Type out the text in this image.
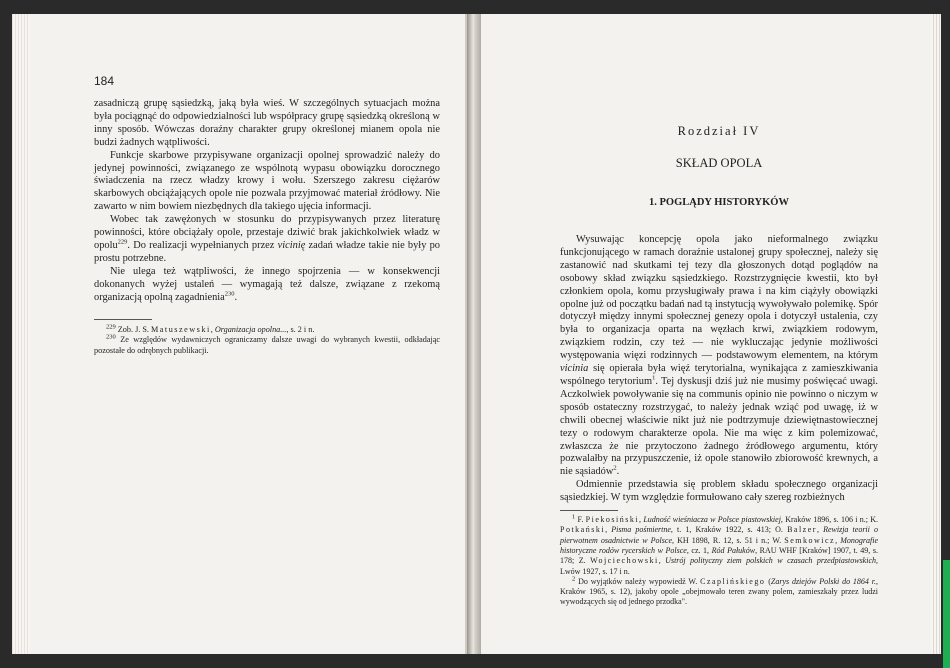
184

zasadniczą grupę sąsiedzką, jaką była wieś. W szczególnych sytuacjach można była pociągnąć do odpowiedzialności lub współpracy grupę sąsiedzką określoną w inny sposób. Wówczas doraźny charakter grupy określonej mianem opola nie budzi żadnych wątpliwości.

Funkcje skarbowe przypisywane organizacji opolnej sprowadzić należy do jedynej powinności, związanego ze wspólnotą wypasu obowiązku dorocznego świadczenia na rzecz władzy krowy i wołu. Szerszego zakresu ciężarów skarbowych obciążających opole nie pozwala przyjmować materiał źródłowy. Nie zawarto w nim bowiem niezbędnych dla takiego ujęcia informacji.

Wobec tak zawężonych w stosunku do przypisywanych przez literaturę powinności, które obciążały opole, przestaje dziwić brak jakichkolwiek władz w opolu$^{229}$. Do realizacji wypełnianych przez vicinię zadań władze takie nie były po prostu potrzebne.

Nie ulega też wątpliwości, że innego spojrzenia — w konsekwencji dokonanych wyżej ustaleń — wymagają też dalsze, związane z rzekomą organizacją opolną zagadnienia$^{230}$.

$^{229}$ Zob. J. S. Matuszewski, Organizacja opolna..., s. 2 i n.

$^{230}$ Ze względów wydawniczych ograniczamy dalsze uwagi do wybranych kwestii, odkładając pozostałe do odrębnych publikacji.

Rozdział IV

SKŁAD OPOLA

1. POGLĄDY HISTORYKÓW

Wysuwając koncepcję opola jako nieformalnego związku funkcjonującego w ramach doraźnie ustalonej grupy społecznej, należy się zastanowić nad skutkami tej tezy dla głoszonych dotąd poglądów na osobowy skład związku sąsiedzkiego. Rozstrzygnięcie kwestii, kto był członkiem opola, komu przysługiwały prawa i na kim ciążyły obowiązki opolne już od początku badań nad tą instytucją wywoływało polemikę. Spór dotyczył między innymi społecznej genezy opola i dotyczył ustalenia, czy była to organizacja oparta na węzłach krwi, związkiem rodowym, związkiem rodzin, czy też — nie wykluczając jedynie możliwości występowania więzi rodzinnych — podstawowym elementem, na którym vicinia się opierała była więź terytorialna, wynikająca z zamieszkiwania wspólnego terytorium$^1$. Tej dyskusji dziś już nie musimy poświęcać uwagi. Aczkolwiek powoływanie się na communis opinio nie powinno o niczym w sposób ostateczny rozstrzygać, to należy jednak wziąć pod uwagę, iż w chwili obecnej właściwie nikt już nie podtrzymuje dziewiętnastowiecznej tezy o rodowym charakterze opola. Nie ma więc z kim polemizować, zwłaszcza że nie przytoczono żadnego źródłowego argumentu, który pozwalałby na przypuszczenie, iż opole stanowiło zbiorowość krewnych, a nie sąsiadów$^2$.

Odmiennie przedstawia się problem składu społecznego organizacji sąsiedzkiej. W tym względzie formułowano cały szereg rozbieżnych

$^1$ F. Piekosiński, Ludność wieśniacza w Polsce piastowskiej, Kraków 1896, s. 106 i n.; K. Potkański, Pisma pośmiertne, t. 1, Kraków 1922, s. 413; O. Balzer, Rewizja teorii o pierwotnem osadnictwie w Polsce, KH 1898, R. 12, s. 51 i n.; W. Semkowicz, Monografie historyczne rodów rycerskich w Polsce, cz. 1, Ród Pałuków, RAU WHF [Kraków] 1907, t. 49, s. 178; Z. Wojciechowski, Ustrój polityczny ziem polskich w czasach przedpiastowskich, Lwów 1927, s. 17 i n.

$^2$ Do wyjątków należy wypowiedź W. Czaplińskiego (Zarys dziejów Polski do 1864 r., Kraków 1965, s. 12), jakoby opole „obejmowało teren zwany polem, zamieszkały przez ludzi wywodzących się od jednego przodka".
